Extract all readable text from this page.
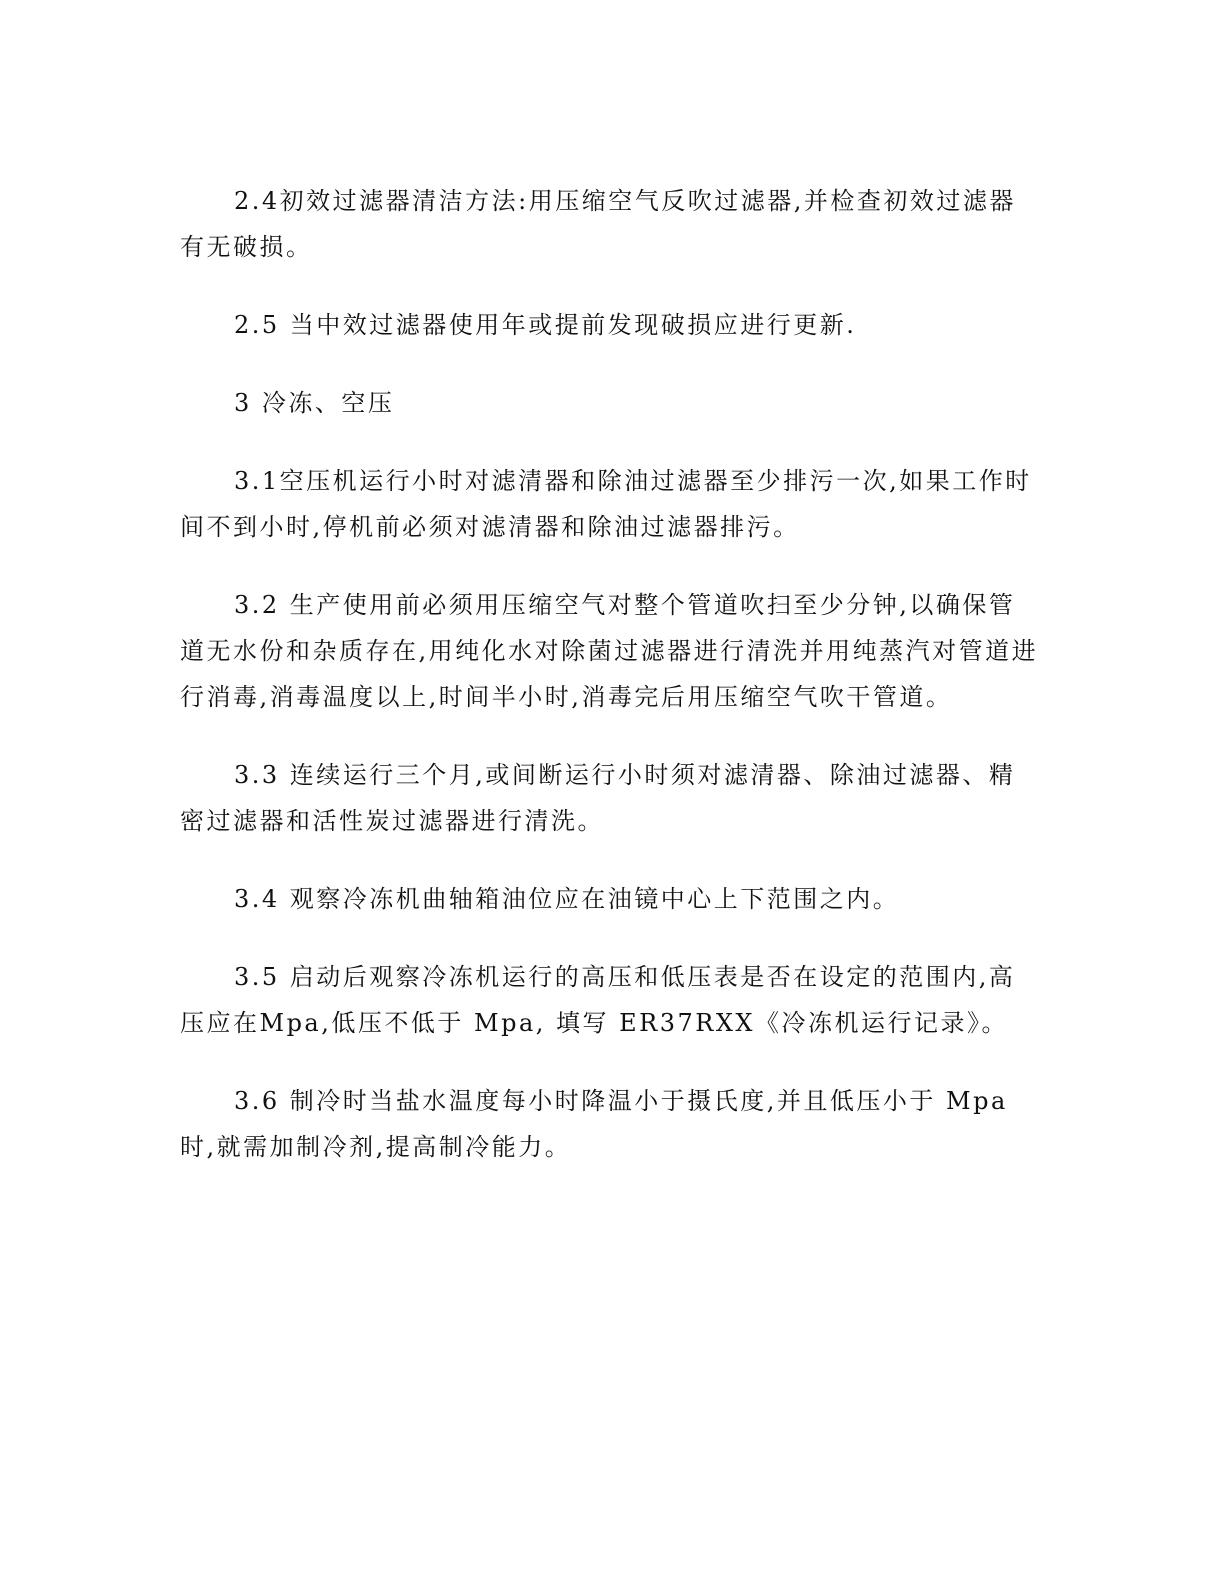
2.4初效过滤器清洁方法:用压缩空气反吹过滤器,并检查初效过滤器有无破损。

2.5 当中效过滤器使用年或提前发现破损应进行更新.

3 冷冻、空压

3.1空压机运行小时对滤清器和除油过滤器至少排污一次,如果工作时间不到小时,停机前必须对滤清器和除油过滤器排污。

3.2 生产使用前必须用压缩空气对整个管道吹扫至少分钟,以确保管道无水份和杂质存在,用纯化水对除菌过滤器进行清洗并用纯蒸汽对管道进行消毒,消毒温度以上,时间半小时,消毒完后用压缩空气吹干管道。

3.3 连续运行三个月,或间断运行小时须对滤清器、除油过滤器、精密过滤器和活性炭过滤器进行清洗。

3.4 观察冷冻机曲轴箱油位应在油镜中心上下范围之内。

3.5 启动后观察冷冻机运行的高压和低压表是否在设定的范围内,高压应在Mpa,低压不低于 Mpa, 填写 ER37RXX《冷冻机运行记录》。

3.6 制冷时当盐水温度每小时降温小于摄氏度,并且低压小于 Mpa 时,就需加制冷剂,提高制冷能力。
